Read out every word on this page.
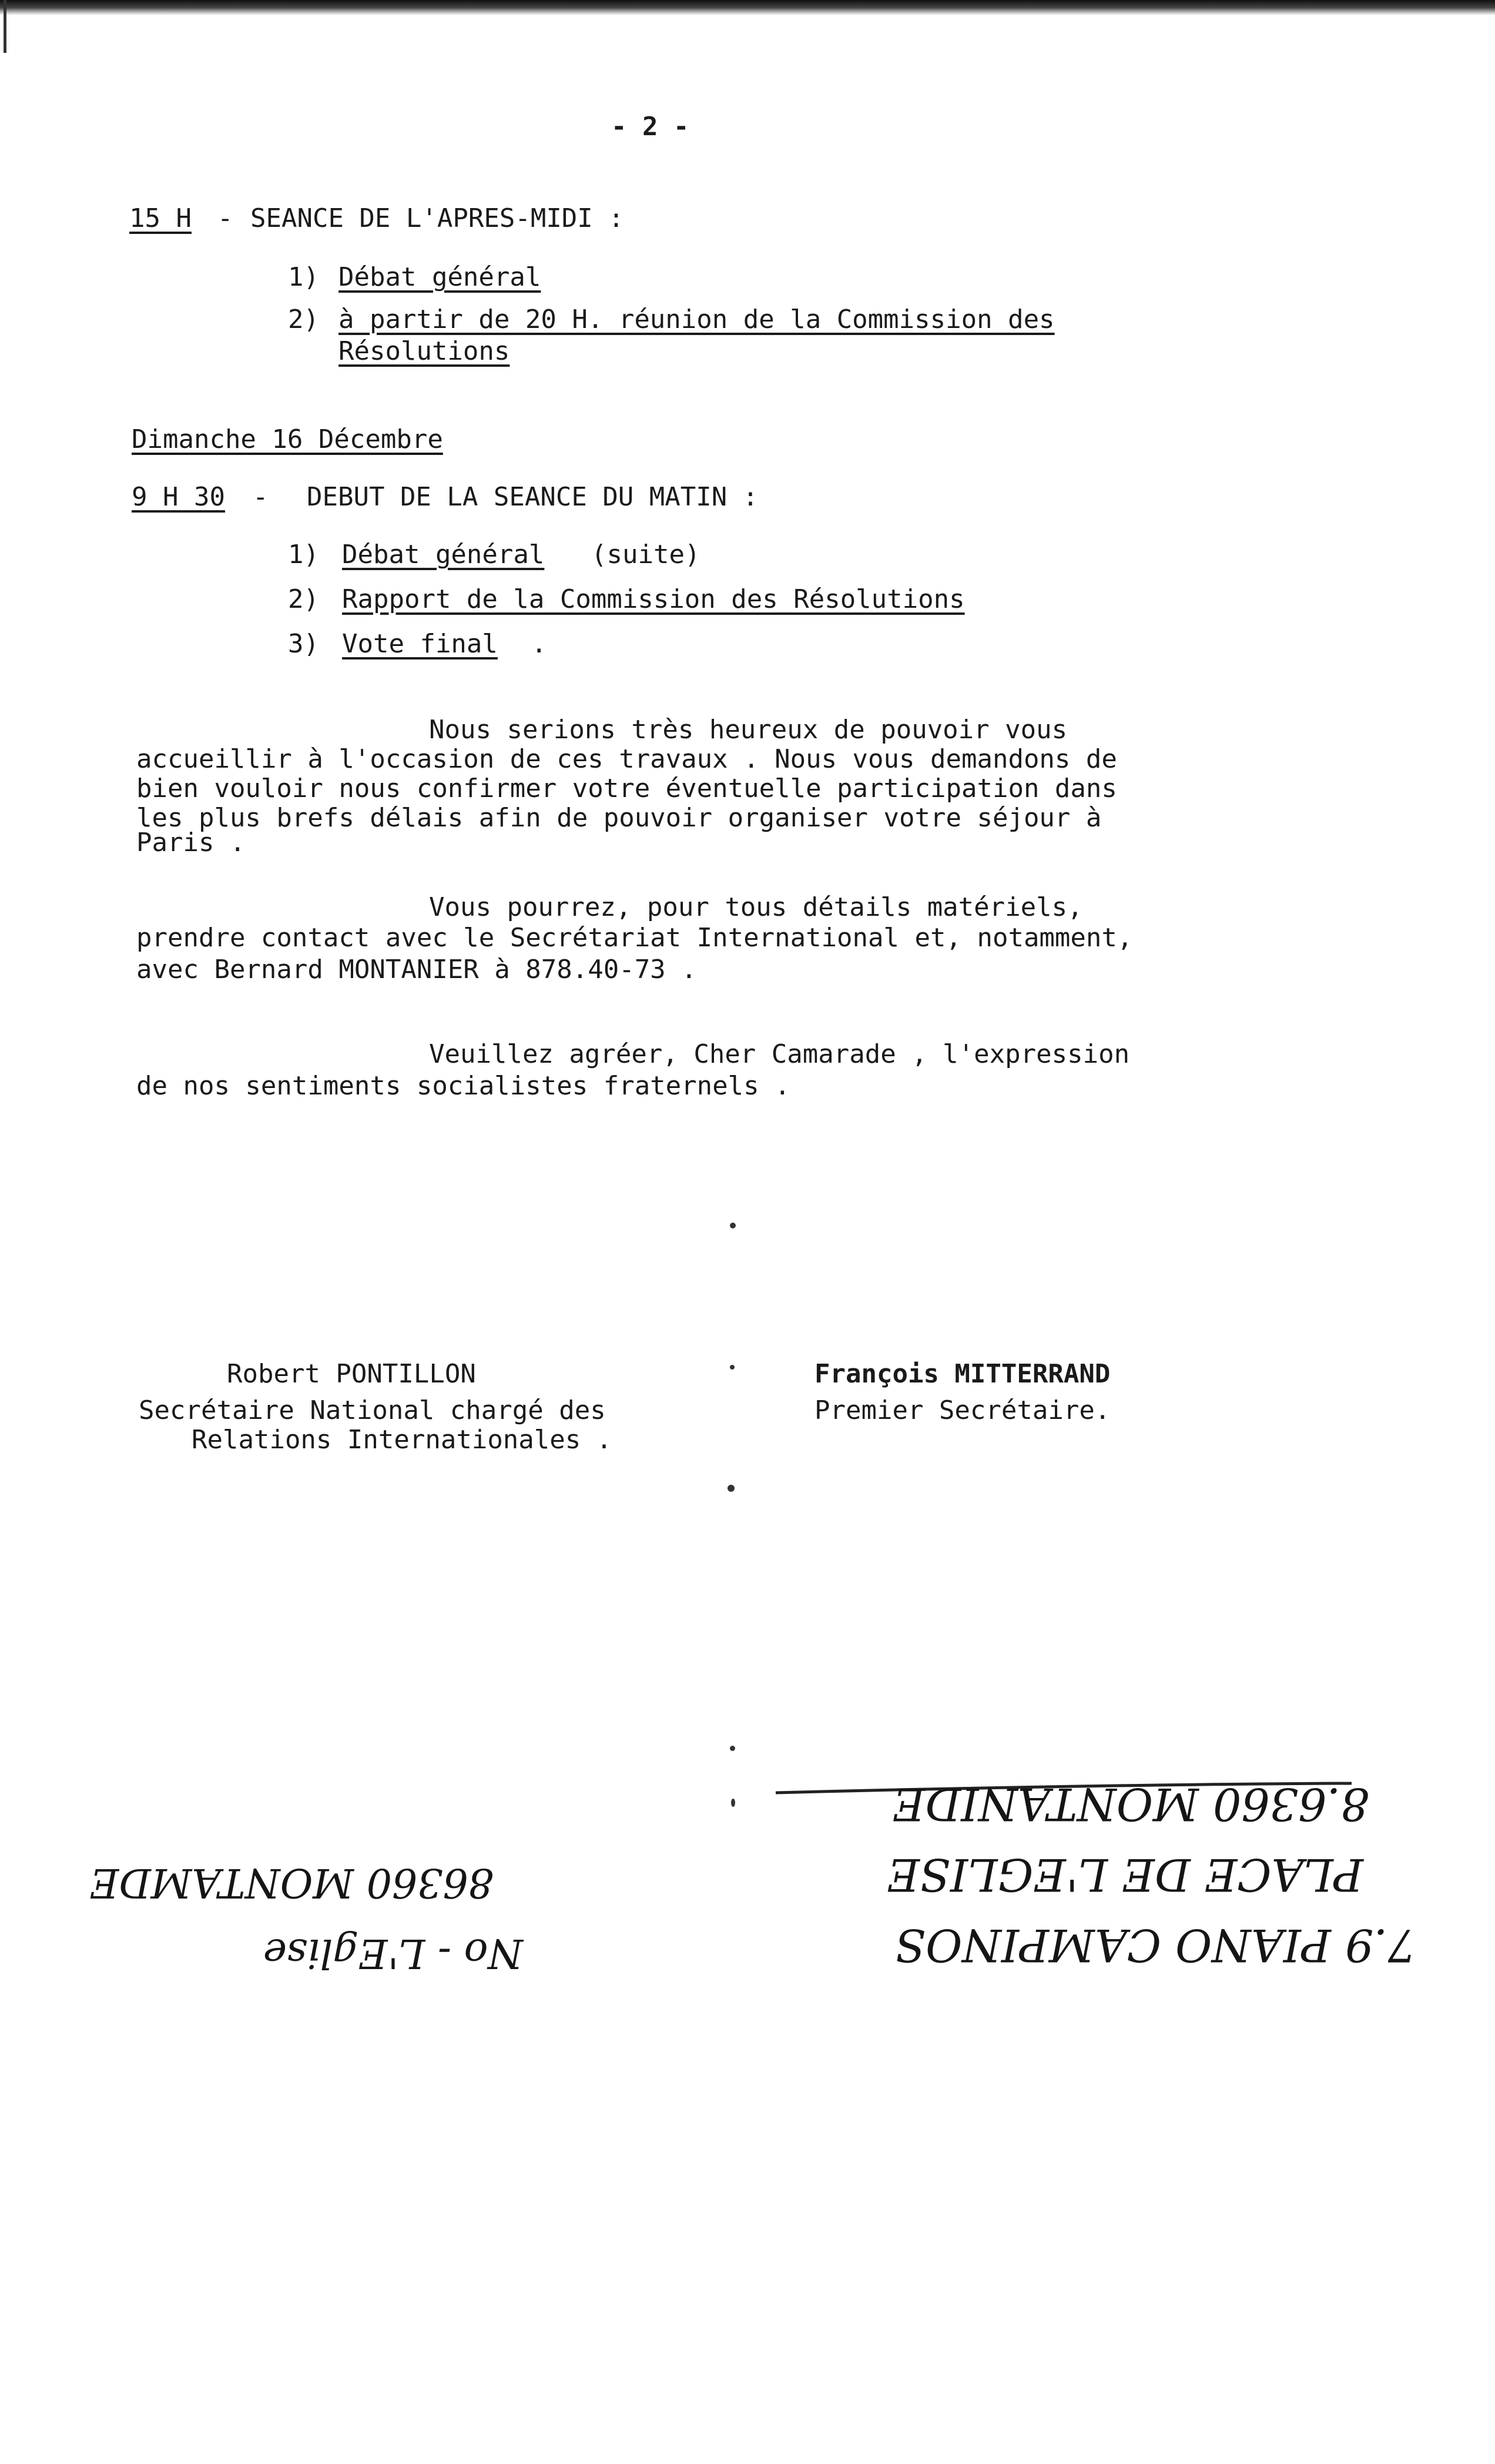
- 2 -

15 H - SEANCE DE L'APRES-MIDI :

1) Débat général

2) à partir de 20 H. réunion de la Commission des

Résolutions

Dimanche 16 Décembre

9 H 30 - DEBUT DE LA SEANCE DU MATIN :

1) Débat général (suite)

2) Rapport de la Commission des Résolutions

3) Vote final .

Nous serions très heureux de pouvoir vous

accueillir à l'occasion de ces travaux . Nous vous demandons de

bien vouloir nous confirmer votre éventuelle participation dans

les plus brefs délais afin de pouvoir organiser votre séjour à

Paris .

Vous pourrez, pour tous détails matériels,

prendre contact avec le Secrétariat International et, notamment,

avec Bernard MONTANIER à 878.40-73 .

Veuillez agréer, Cher Camarade , l'expression

de nos sentiments socialistes fraternels .

Robert PONTILLON

Secrétaire National chargé des

Relations Internationales .

François MITTERRAND

Premier Secrétaire.

7.9 PIANO CAMPINOS

PLACE DE L'EGLISE

8.6360 MONTANIDE

No - L'Eglise

86360 MONTAMDE
